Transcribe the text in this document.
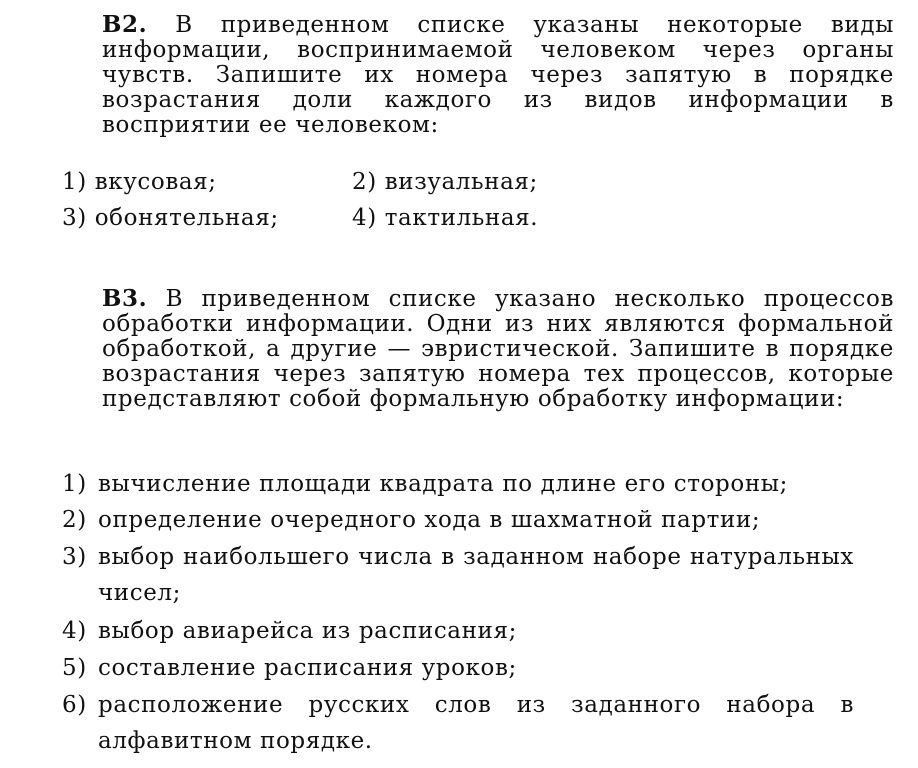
В2. В приведенном списке указаны некоторые виды информации, воспринимаемой человеком через органы чувств. Запишите их номера через запятую в порядке возрастания доли каждого из видов информации в восприятии ее человеком:
1) вкусовая;	2) визуальная;
3) обонятельная;	4) тактильная.
В3. В приведенном списке указано несколько процессов обработки информации. Одни из них являются формальной обработкой, а другие — эвристической. Запишите в порядке возрастания через запятую номера тех процессов, которые представляют собой формальную обработку информации:
1) вычисление площади квадрата по длине его стороны;
2) определение очередного хода в шахматной партии;
3) выбор наибольшего числа в заданном наборе натуральных чисел;
4) выбор авиарейса из расписания;
5) составление расписания уроков;
6) расположение русских слов из заданного набора в алфавитном порядке.
